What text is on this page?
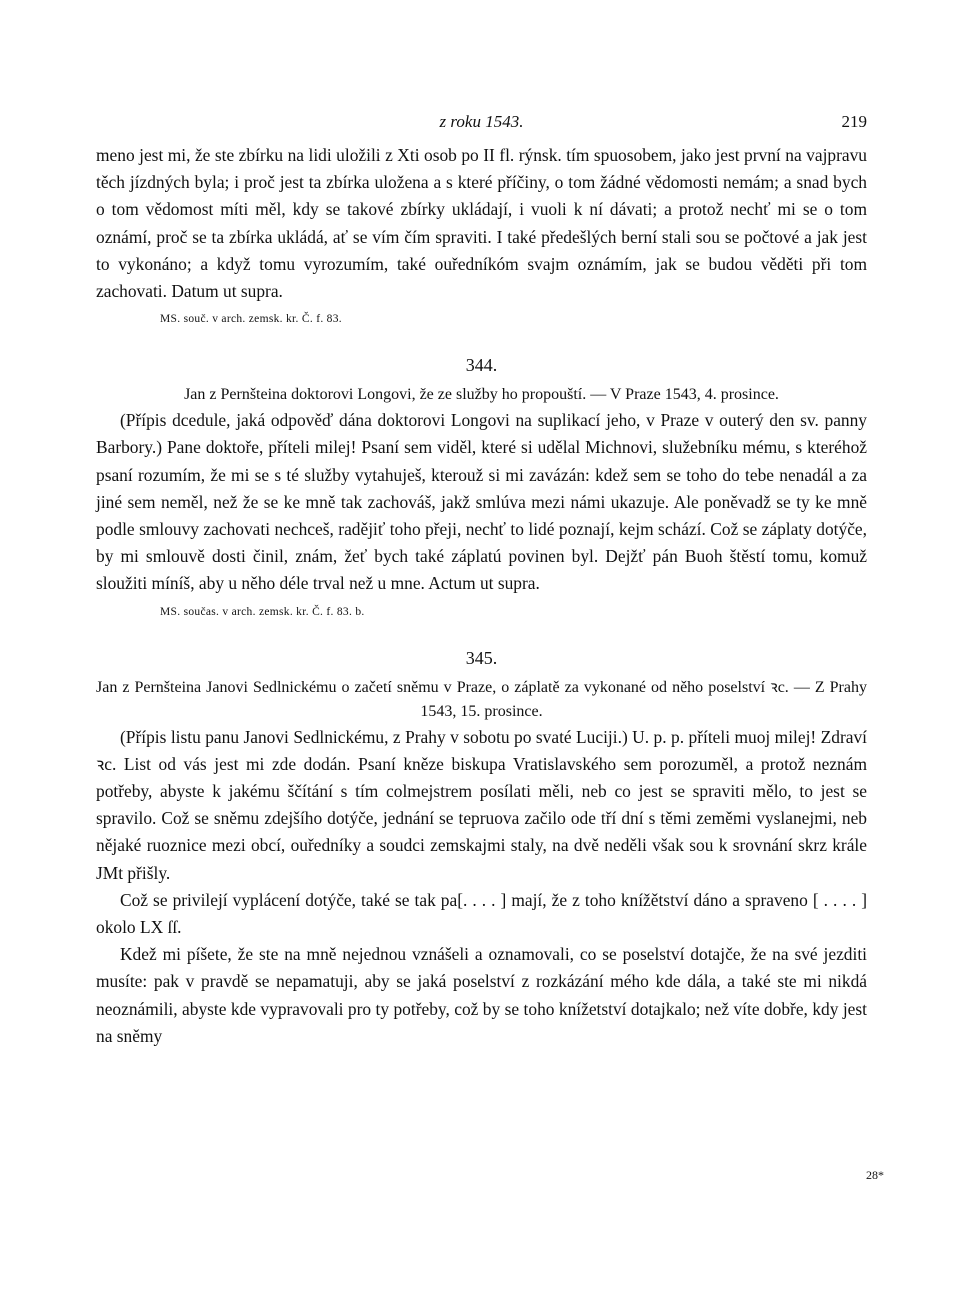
z roku 1543.	219

meno jest mi, že ste zbírku na lidi uložili z Xti osob po II fl. rýnsk. tím spuosobem, jako jest první na vajpravu těch jízdných byla; i proč jest ta zbírka uložena a s které příčiny, o tom žádné vědomosti nemám; a snad bych o tom vědomost míti měl, kdy se takové zbírky ukládají, i vuoli k ní dávati; a protož nechť mi se o tom oznámí, proč se ta zbírka ukládá, ať se vím čím spraviti. I také předešlých berní stali sou se počtové a jak jest to vykonáno; a když tomu vyrozumím, také ouředníkóm svajm oznámím, jak se budou věděti při tom zachovati. Datum ut supra.

MS. souč. v arch. zemsk. kr. Č. f. 83.
344.
Jan z Pernšteina doktorovi Longovi, že ze služby ho propouští. — V Praze 1543, 4. prosince.

(Přípis dcedule, jaká odpověď dána doktorovi Longovi na suplikací jeho, v Praze v outerý den sv. panny Barbory.) Pane doktoře, příteli milej! Psaní sem viděl, které si udělal Michnovi, služebníku mému, s kteréhož psaní rozumím, že mi se s té služby vytahuješ, kterouž si mi zavázán: kdež sem se toho do tebe nenadál a za jiné sem neměl, než že se ke mně tak zachováš, jakž smlúva mezi námi ukazuje. Ale poněvadž se ty ke mně podle smlouvy zachovati nechceš, radějiť toho přeji, nechť to lidé poznají, kejm schází. Což se záplaty dotýče, by mi smlouvě dosti činil, znám, žeť bych také záplatú povinen byl. Dejžť pán Buoh štěstí tomu, komuž sloužiti míníš, aby u něho déle trval než u mne. Actum ut supra.

MS. součas. v arch. zemsk. kr. Č. f. 83. b.
345.
Jan z Pernšteina Janovi Sedlnickému o začetí sněmu v Praze, o záplatě za vykonané od něho poselství ꝛc. — Z Prahy 1543, 15. prosince.

(Přípis listu panu Janovi Sedlnickému, z Prahy v sobotu po svaté Luciji.) U. p. p. příteli muoj milej! Zdraví ꝛc. List od vás jest mi zde dodán. Psaní kněze biskupa Vratislavského sem porozuměl, a protož neznám potřeby, abyste k jakému ščítání s tím colmejstrem posílati měli, neb co jest se spraviti mělo, to jest se spravilo. Což se sněmu zdejšího dotýče, jednání se tepruova začilo ode tří dní s těmi zeměmi vyslanejmi, neb nějaké ruoznice mezi obcí, ouředníky a soudci zemskajmi staly, na dvě neděli však sou k srovnání skrz krále JMt přišly.

Což se privilejí vyplácení dotýče, také se tak pa[. . . . ] mají, že z toho knížětství dáno a spraveno [ . . . . ] okolo LX ſſ.

Kdež mi píšete, že ste na mně nejednou vznášeli a oznamovali, co se poselství dotajče, že na své jezditi musíte: pak v pravdě se nepamatuji, aby se jaká poselství z rozkázání mého kde dála, a také ste mi nikdá neoznámili, abyste kde vypravovali pro ty potřeby, což by se toho knížetství dotajkalo; než víte dobře, kdy jest na sněmy

28*
